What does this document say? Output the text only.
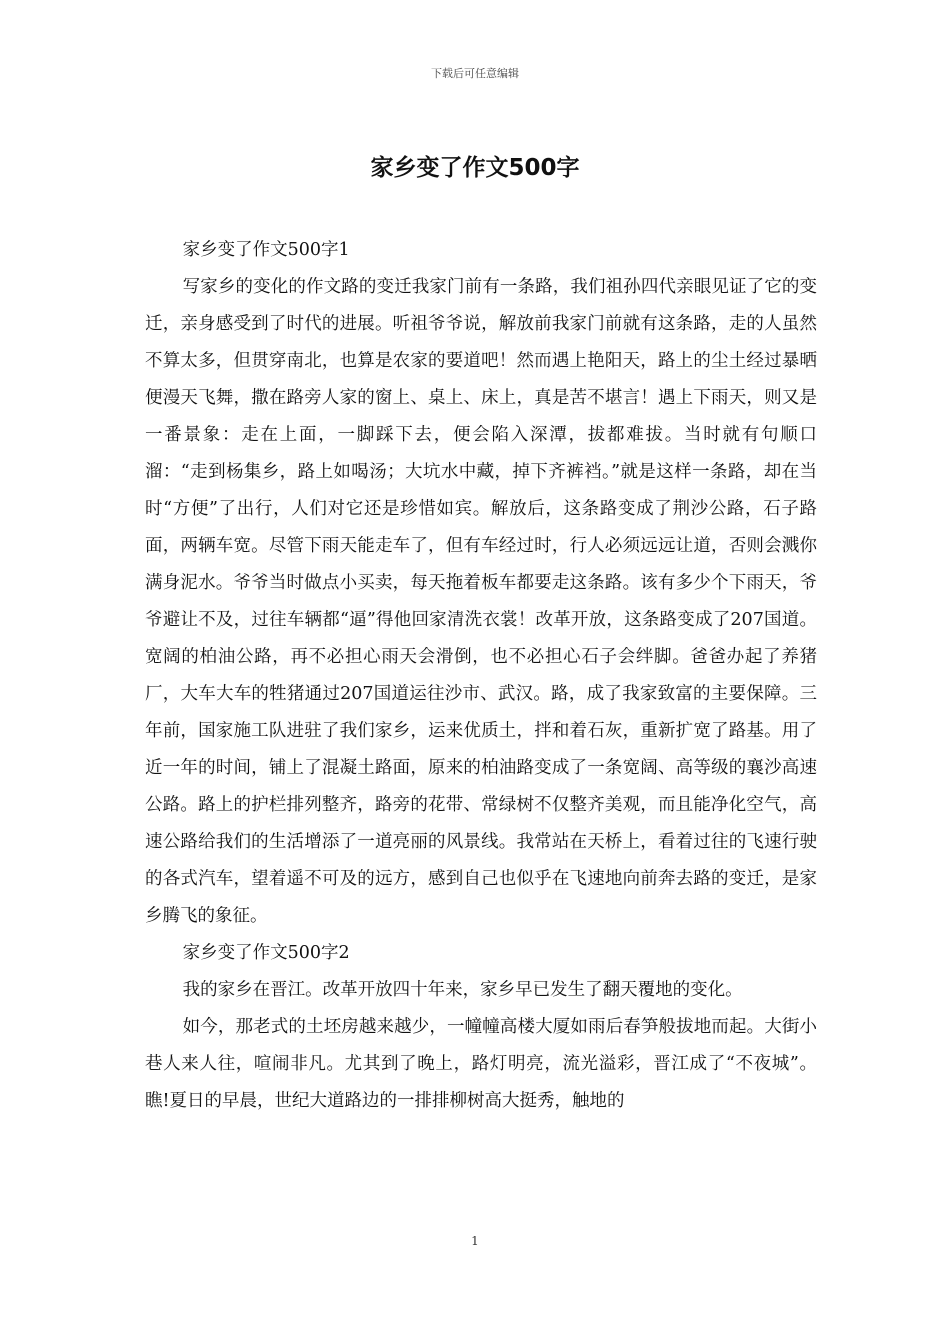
下载后可任意编辑
家乡变了作文500字

家乡变了作文500字1

写家乡的变化的作文路的变迁我家门前有一条路，我们祖孙四代亲眼见证了它的变迁，亲身感受到了时代的进展。听祖爷爷说，解放前我家门前就有这条路，走的人虽然不算太多，但贯穿南北，也算是农家的要道吧！然而遇上艳阳天，路上的尘土经过暴晒便漫天飞舞，撒在路旁人家的窗上、桌上、床上，真是苦不堪言！遇上下雨天，则又是一番景象：走在上面，一脚踩下去，便会陷入深潭，拔都难拔。当时就有句顺口溜：“走到杨集乡，路上如喝汤；大坑水中藏，掉下齐裤裆。”就是这样一条路，却在当时“方便”了出行，人们对它还是珍惜如宾。解放后，这条路变成了荆沙公路，石子路面，两辆车宽。尽管下雨天能走车了，但有车经过时，行人必须远远让道，否则会溅你满身泥水。爷爷当时做点小买卖，每天拖着板车都要走这条路。该有多少个下雨天，爷爷避让不及，过往车辆都“逼”得他回家清洗衣裳！改革开放，这条路变成了207国道。宽阔的柏油公路，再不必担心雨天会滑倒，也不必担心石子会绊脚。爸爸办起了养猪厂，大车大车的牲猪通过207国道运往沙市、武汉。路，成了我家致富的主要保障。三年前，国家施工队进驻了我们家乡，运来优质土，拌和着石灰，重新扩宽了路基。用了近一年的时间，铺上了混凝土路面，原来的柏油路变成了一条宽阔、高等级的襄沙高速公路。路上的护栏排列整齐，路旁的花带、常绿树不仅整齐美观，而且能净化空气，高速公路给我们的生活增添了一道亮丽的风景线。我常站在天桥上，看着过往的飞速行驶的各式汽车，望着遥不可及的远方，感到自己也似乎在飞速地向前奔去路的变迁，是家乡腾飞的象征。

家乡变了作文500字2

我的家乡在晋江。改革开放四十年来，家乡早已发生了翻天覆地的变化。

如今，那老式的土坯房越来越少，一幢幢高楼大厦如雨后春笋般拔地而起。大街小巷人来人往，喧闹非凡。尤其到了晚上，路灯明亮，流光溢彩，晋江成了“不夜城”。瞧!夏日的早晨，世纪大道路边的一排排柳树高大挺秀，触地的

1
